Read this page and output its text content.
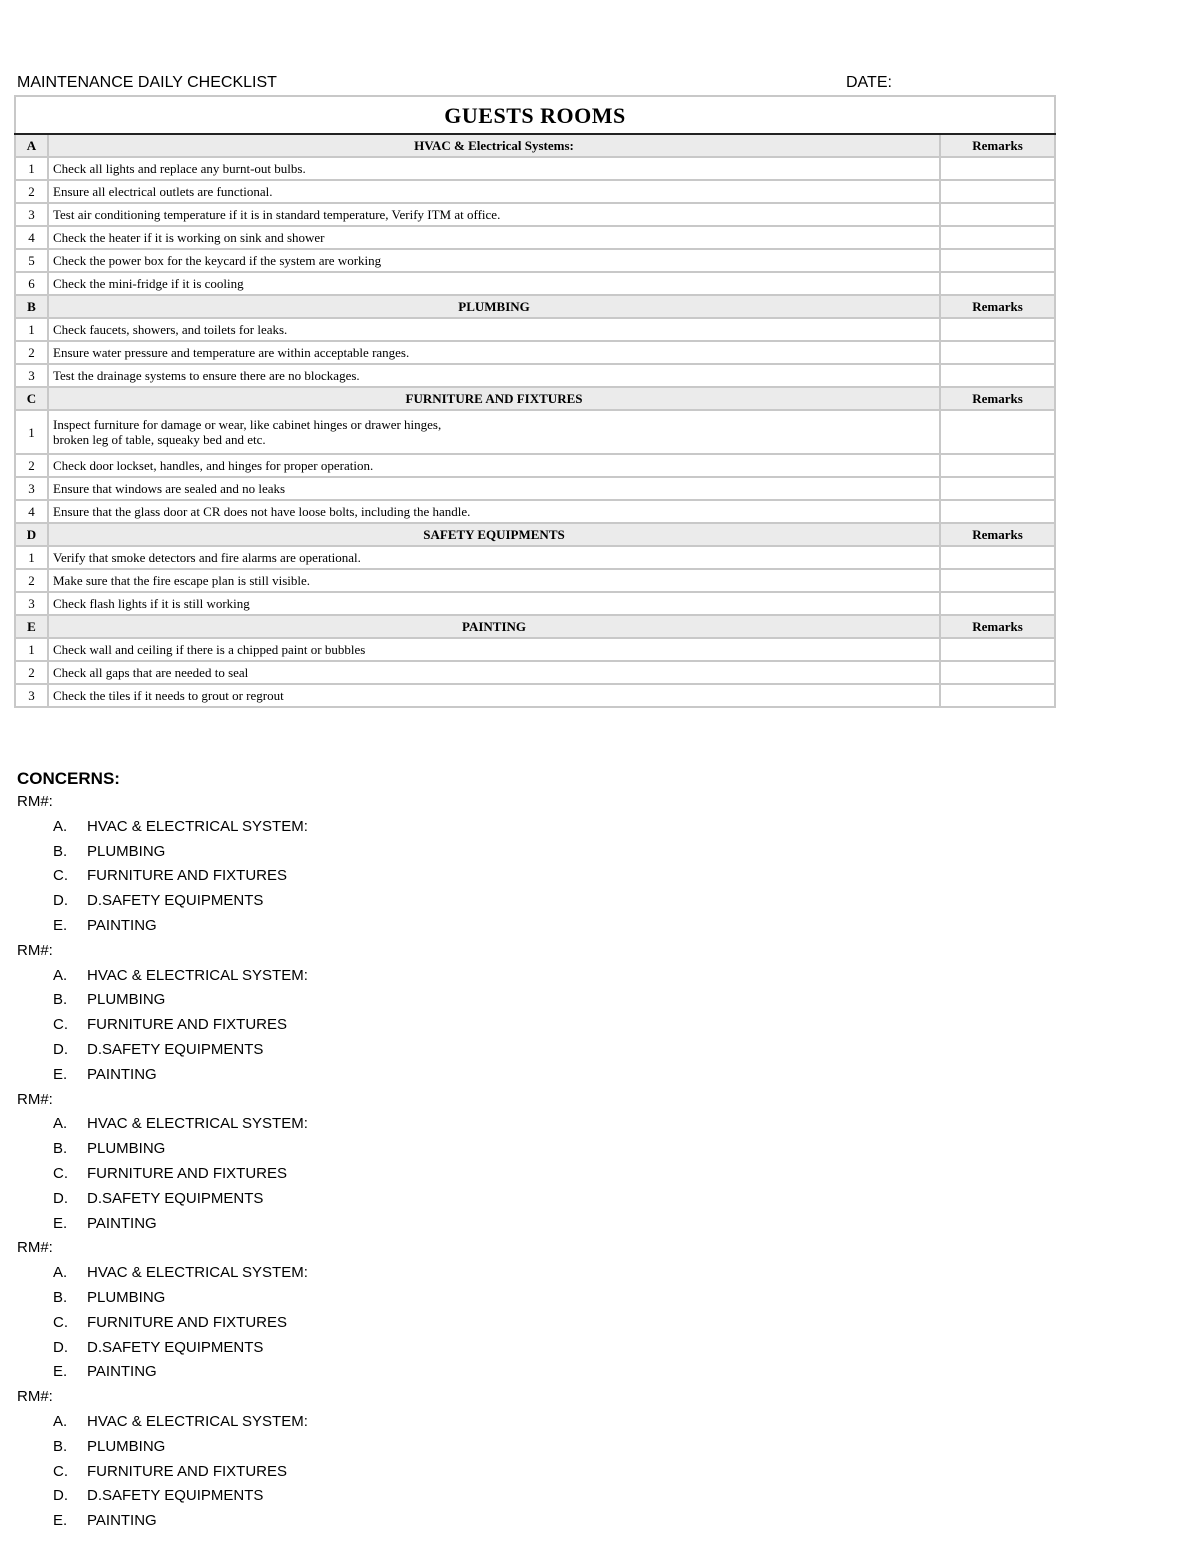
MAINTENANCE DAILY CHECKLIST	DATE:
GUESTS ROOMS		
A	HVAC & Electrical Systems:	Remarks
1	Check all lights and replace any burnt-out bulbs.	

2	Ensure all electrical outlets are functional.	

3	Test air conditioning temperature if it is in standard temperature, Verify ITM at office.	

4	Check the heater if it is working on sink and shower	

5	Check the power box for the keycard if the system are working	

6	Check the mini-fridge if it is cooling	

B	PLUMBING	Remarks
1	Check faucets, showers, and toilets for leaks.	

2	Ensure water pressure and temperature are within acceptable ranges.	

3	Test the drainage systems to ensure there are no blockages.	

C	FURNITURE AND FIXTURES	Remarks
1	Inspect furniture for damage or wear, like cabinet hinges or drawer hinges,
broken leg of table, squeaky bed and etc.	

2	Check door lockset, handles, and hinges for proper operation.	

3	Ensure that windows are sealed and no leaks	

4	Ensure that the glass door at CR does not have loose bolts, including the handle.	

D	SAFETY EQUIPMENTS	Remarks
1	Verify that smoke detectors and fire alarms are operational.	

2	Make sure that the fire escape plan is still visible.	

3	Check flash lights if it is still working	

E	PAINTING	Remarks
1	Check wall and ceiling if there is a chipped paint or bubbles	

2	Check all gaps that are needed to seal	

3	Check the tiles if it needs to grout or regrout	

CONCERNS:
RM#:
A. HVAC & ELECTRICAL SYSTEM:
B. PLUMBING
C. FURNITURE AND FIXTURES
D. D.SAFETY EQUIPMENTS
E. PAINTING
RM#:
A. HVAC & ELECTRICAL SYSTEM:
B. PLUMBING
C. FURNITURE AND FIXTURES
D. D.SAFETY EQUIPMENTS
E. PAINTING
RM#:
A. HVAC & ELECTRICAL SYSTEM:
B. PLUMBING
C. FURNITURE AND FIXTURES
D. D.SAFETY EQUIPMENTS
E. PAINTING
RM#:
A. HVAC & ELECTRICAL SYSTEM:
B. PLUMBING
C. FURNITURE AND FIXTURES
D. D.SAFETY EQUIPMENTS
E. PAINTING
RM#:
A. HVAC & ELECTRICAL SYSTEM:
B. PLUMBING
C. FURNITURE AND FIXTURES
D. D.SAFETY EQUIPMENTS
E. PAINTING
